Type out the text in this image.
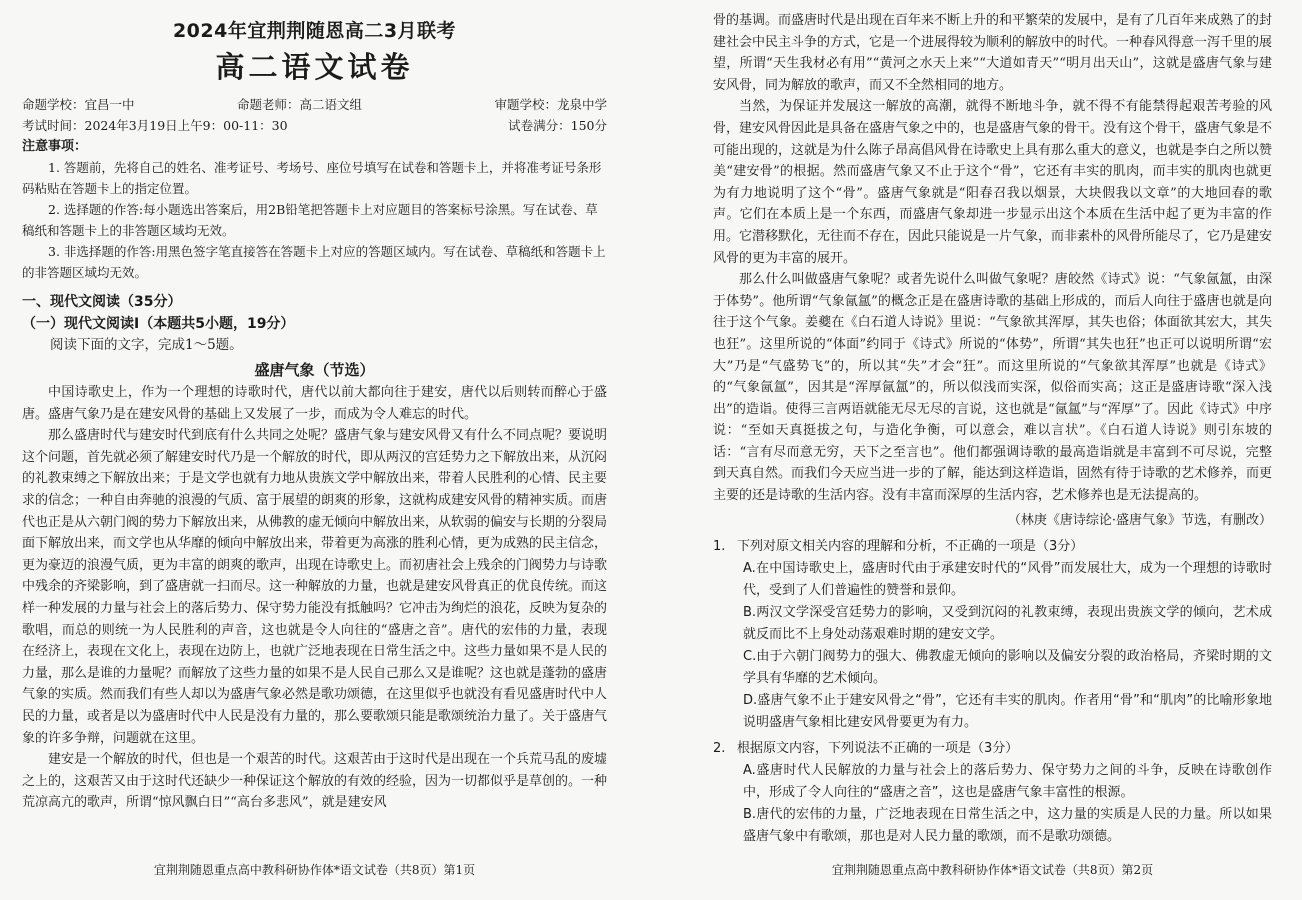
2024年宜荆荆随恩高二3月联考
高二语文试卷
命题学校：宜昌一中	命题老师：高二语文组	审题学校：龙泉中学
考试时间：2024年3月19日上午9：00-11：30	试卷满分：150分
注意事项：

1. 答题前，先将自己的姓名、准考证号、考场号、座位号填写在试卷和答题卡上，并将准考证号条形码粘贴在答题卡上的指定位置。

2. 选择题的作答:每小题选出答案后，用2B铅笔把答题卡上对应题目的答案标号涂黑。写在试卷、草稿纸和答题卡上的非答题区域均无效。

3. 非选择题的作答:用黑色签字笔直接答在答题卡上对应的答题区域内。写在试卷、草稿纸和答题卡上的非答题区域均无效。

一、现代文阅读（35分）
（一）现代文阅读Ⅰ（本题共5小题，19分）

阅读下面的文字，完成1～5题。

盛唐气象（节选）

中国诗歌史上，作为一个理想的诗歌时代，唐代以前大都向往于建安，唐代以后则转而醉心于盛唐。盛唐气象乃是在建安风骨的基础上又发展了一步，而成为令人难忘的时代。

那么盛唐时代与建安时代到底有什么共同之处呢？盛唐气象与建安风骨又有什么不同点呢？要说明这个问题，首先就必须了解建安时代乃是一个解放的时代，即从两汉的宫廷势力之下解放出来，从沉闷的礼教束缚之下解放出来；于是文学也就有力地从贵族文学中解放出来，带着人民胜利的心情、民主要求的信念；一种自由奔驰的浪漫的气质、富于展望的朗爽的形象，这就构成建安风骨的精神实质。而唐代也正是从六朝门阀的势力下解放出来，从佛教的虚无倾向中解放出来，从软弱的偏安与长期的分裂局面下解放出来，而文学也从华靡的倾向中解放出来，带着更为高涨的胜利心情，更为成熟的民主信念，更为豪迈的浪漫气质，更为丰富的朗爽的歌声，出现在诗歌史上。而初唐社会上残余的门阀势力与诗歌中残余的齐梁影响，到了盛唐就一扫而尽。这一种解放的力量，也就是建安风骨真正的优良传统。而这样一种发展的力量与社会上的落后势力、保守势力能没有抵触吗？它冲击为绚烂的浪花，反映为复杂的歌唱，而总的则统一为人民胜利的声音，这也就是令人向往的“盛唐之音”。唐代的宏伟的力量，表现在经济上，表现在文化上，表现在边防上，也就广泛地表现在日常生活之中。这些力量如果不是人民的力量，那么是谁的力量呢？而解放了这些力量的如果不是人民自己那么又是谁呢？这也就是蓬勃的盛唐气象的实质。然而我们有些人却以为盛唐气象必然是歌功颂德，在这里似乎也就没有看见盛唐时代中人民的力量，或者是以为盛唐时代中人民是没有力量的，那么要歌颂只能是歌颂统治力量了。关于盛唐气象的许多争辩，问题就在这里。

建安是一个解放的时代，但也是一个艰苦的时代。这艰苦由于这时代是出现在一个兵荒马乱的废墟之上的，这艰苦又由于这时代还缺少一种保证这个解放的有效的经验，因为一切都似乎是草创的。一种荒凉高亢的歌声，所谓“惊风飘白日”“高台多悲风”，就是建安风

宜荆荆随恩重点高中教科研协作体*语文试卷（共8页）第1页

骨的基调。而盛唐时代是出现在百年来不断上升的和平繁荣的发展中，是有了几百年来成熟了的封建社会中民主斗争的方式，它是一个进展得较为顺利的解放中的时代。一种春风得意一泻千里的展望，所谓“天生我材必有用”“黄河之水天上来”“大道如青天”“明月出天山”，这就是盛唐气象与建安风骨，同为解放的歌声，而又不全然相同的地方。

当然，为保证并发展这一解放的高潮，就得不断地斗争，就不得不有能禁得起艰苦考验的风骨，建安风骨因此是具备在盛唐气象之中的，也是盛唐气象的骨干。没有这个骨干，盛唐气象是不可能出现的，这就是为什么陈子昂高倡风骨在诗歌史上具有那么重大的意义，也就是李白之所以赞美“建安骨”的根据。然而盛唐气象又不止于这个“骨”，它还有丰实的肌肉，而丰实的肌肉也就更为有力地说明了这个“骨”。盛唐气象就是“阳春召我以烟景，大块假我以文章”的大地回春的歌声。它们在本质上是一个东西，而盛唐气象却进一步显示出这个本质在生活中起了更为丰富的作用。它潜移默化，无往而不存在，因此只能说是一片气象，而非素朴的风骨所能尽了，它乃是建安风骨的更为丰富的展开。

那么什么叫做盛唐气象呢？或者先说什么叫做气象呢？唐皎然《诗式》说：“气象氤氲，由深于体势”。他所谓“气象氤氲”的概念正是在盛唐诗歌的基础上形成的，而后人向往于盛唐也就是向往于这个气象。姜夔在《白石道人诗说》里说：“气象欲其浑厚，其失也俗；体面欲其宏大，其失也狂”。这里所说的“体面”约同于《诗式》所说的“体势”，所谓“其失也狂”也正可以说明所谓“宏大”乃是“气盛势飞”的，所以其“失”才会“狂”。而这里所说的“气象欲其浑厚”也就是《诗式》的“气象氤氲”，因其是“浑厚氤氲”的，所以似浅而实深，似俗而实高；这正是盛唐诗歌“深入浅出”的造诣。使得三言两语就能无尽无尽的言说，这也就是“氤氲”与“浑厚”了。因此《诗式》中序说：“至如天真挺拔之句，与造化争衡，可以意会，难以言状”。《白石道人诗说》则引东坡的话：“言有尽而意无穷，天下之至言也”。他们都强调诗歌的最高造诣就是丰富到不可尽说，完整到天真自然。而我们今天应当进一步的了解，能达到这样造诣，固然有待于诗歌的艺术修养，而更主要的还是诗歌的生活内容。没有丰富而深厚的生活内容，艺术修养也是无法提高的。

（林庚《唐诗综论·盛唐气象》节选，有删改）
1. 下列对原文相关内容的理解和分析，不正确的一项是（3分）
A.在中国诗歌史上，盛唐时代由于承建安时代的“风骨”而发展壮大，成为一个理想的诗歌时代，受到了人们普遍性的赞誉和景仰。
B.两汉文学深受宫廷势力的影响，又受到沉闷的礼教束缚，表现出贵族文学的倾向，艺术成就反而比不上身处动荡艰难时期的建安文学。
C.由于六朝门阀势力的强大、佛教虚无倾向的影响以及偏安分裂的政治格局，齐梁时期的文学具有华靡的艺术倾向。
D.盛唐气象不止于建安风骨之“骨”，它还有丰实的肌肉。作者用“骨”和“肌肉”的比喻形象地说明盛唐气象相比建安风骨要更为有力。
2. 根据原文内容，下列说法不正确的一项是（3分）
A.盛唐时代人民解放的力量与社会上的落后势力、保守势力之间的斗争，反映在诗歌创作中，形成了令人向往的“盛唐之音”，这也是盛唐气象丰富性的根源。
B.唐代的宏伟的力量，广泛地表现在日常生活之中，这力量的实质是人民的力量。所以如果盛唐气象中有歌颂，那也是对人民力量的歌颂，而不是歌功颂德。
宜荆荆随恩重点高中教科研协作体*语文试卷（共8页）第2页
